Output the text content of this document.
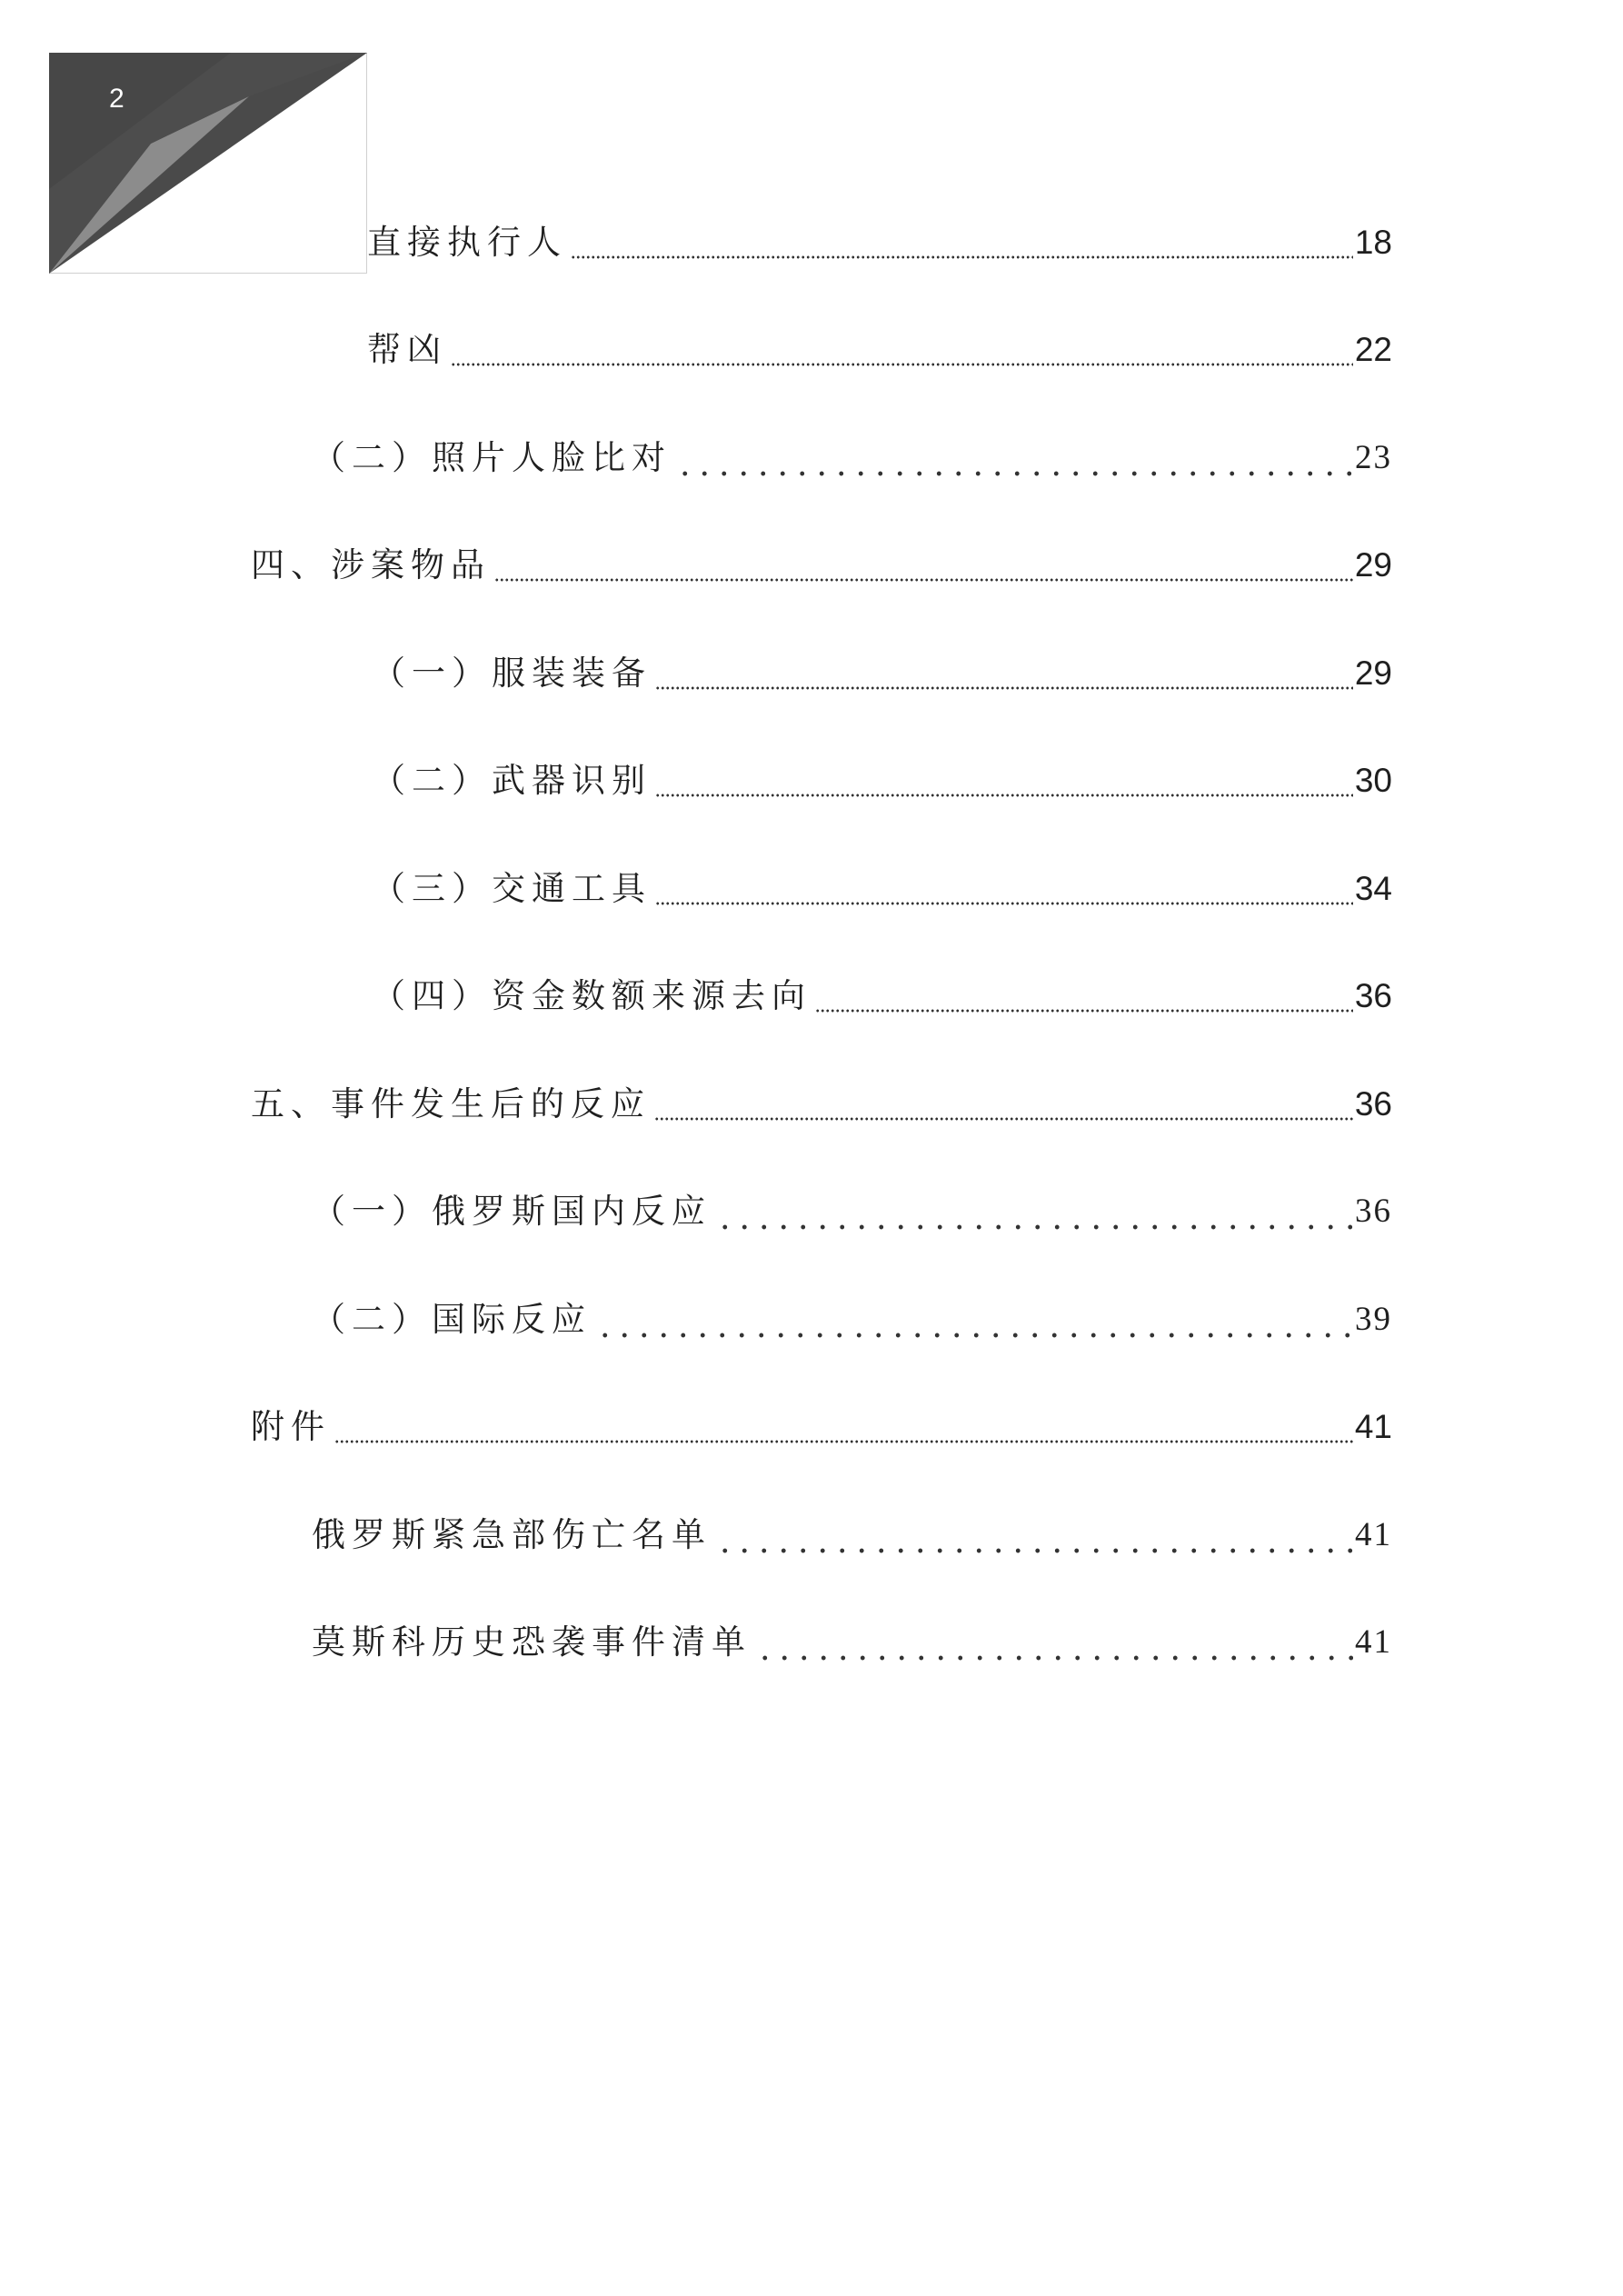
2
直接执行人	18
帮凶	22
（二）照片人脸比对	23
四、涉案物品	29
（一）服装装备	29
（二）武器识别	30
（三）交通工具	34
（四）资金数额来源去向	36
五、事件发生后的反应	36
（一）俄罗斯国内反应	36
（二）国际反应	39
附件	41
俄罗斯紧急部伤亡名单	41
莫斯科历史恐袭事件清单	41
